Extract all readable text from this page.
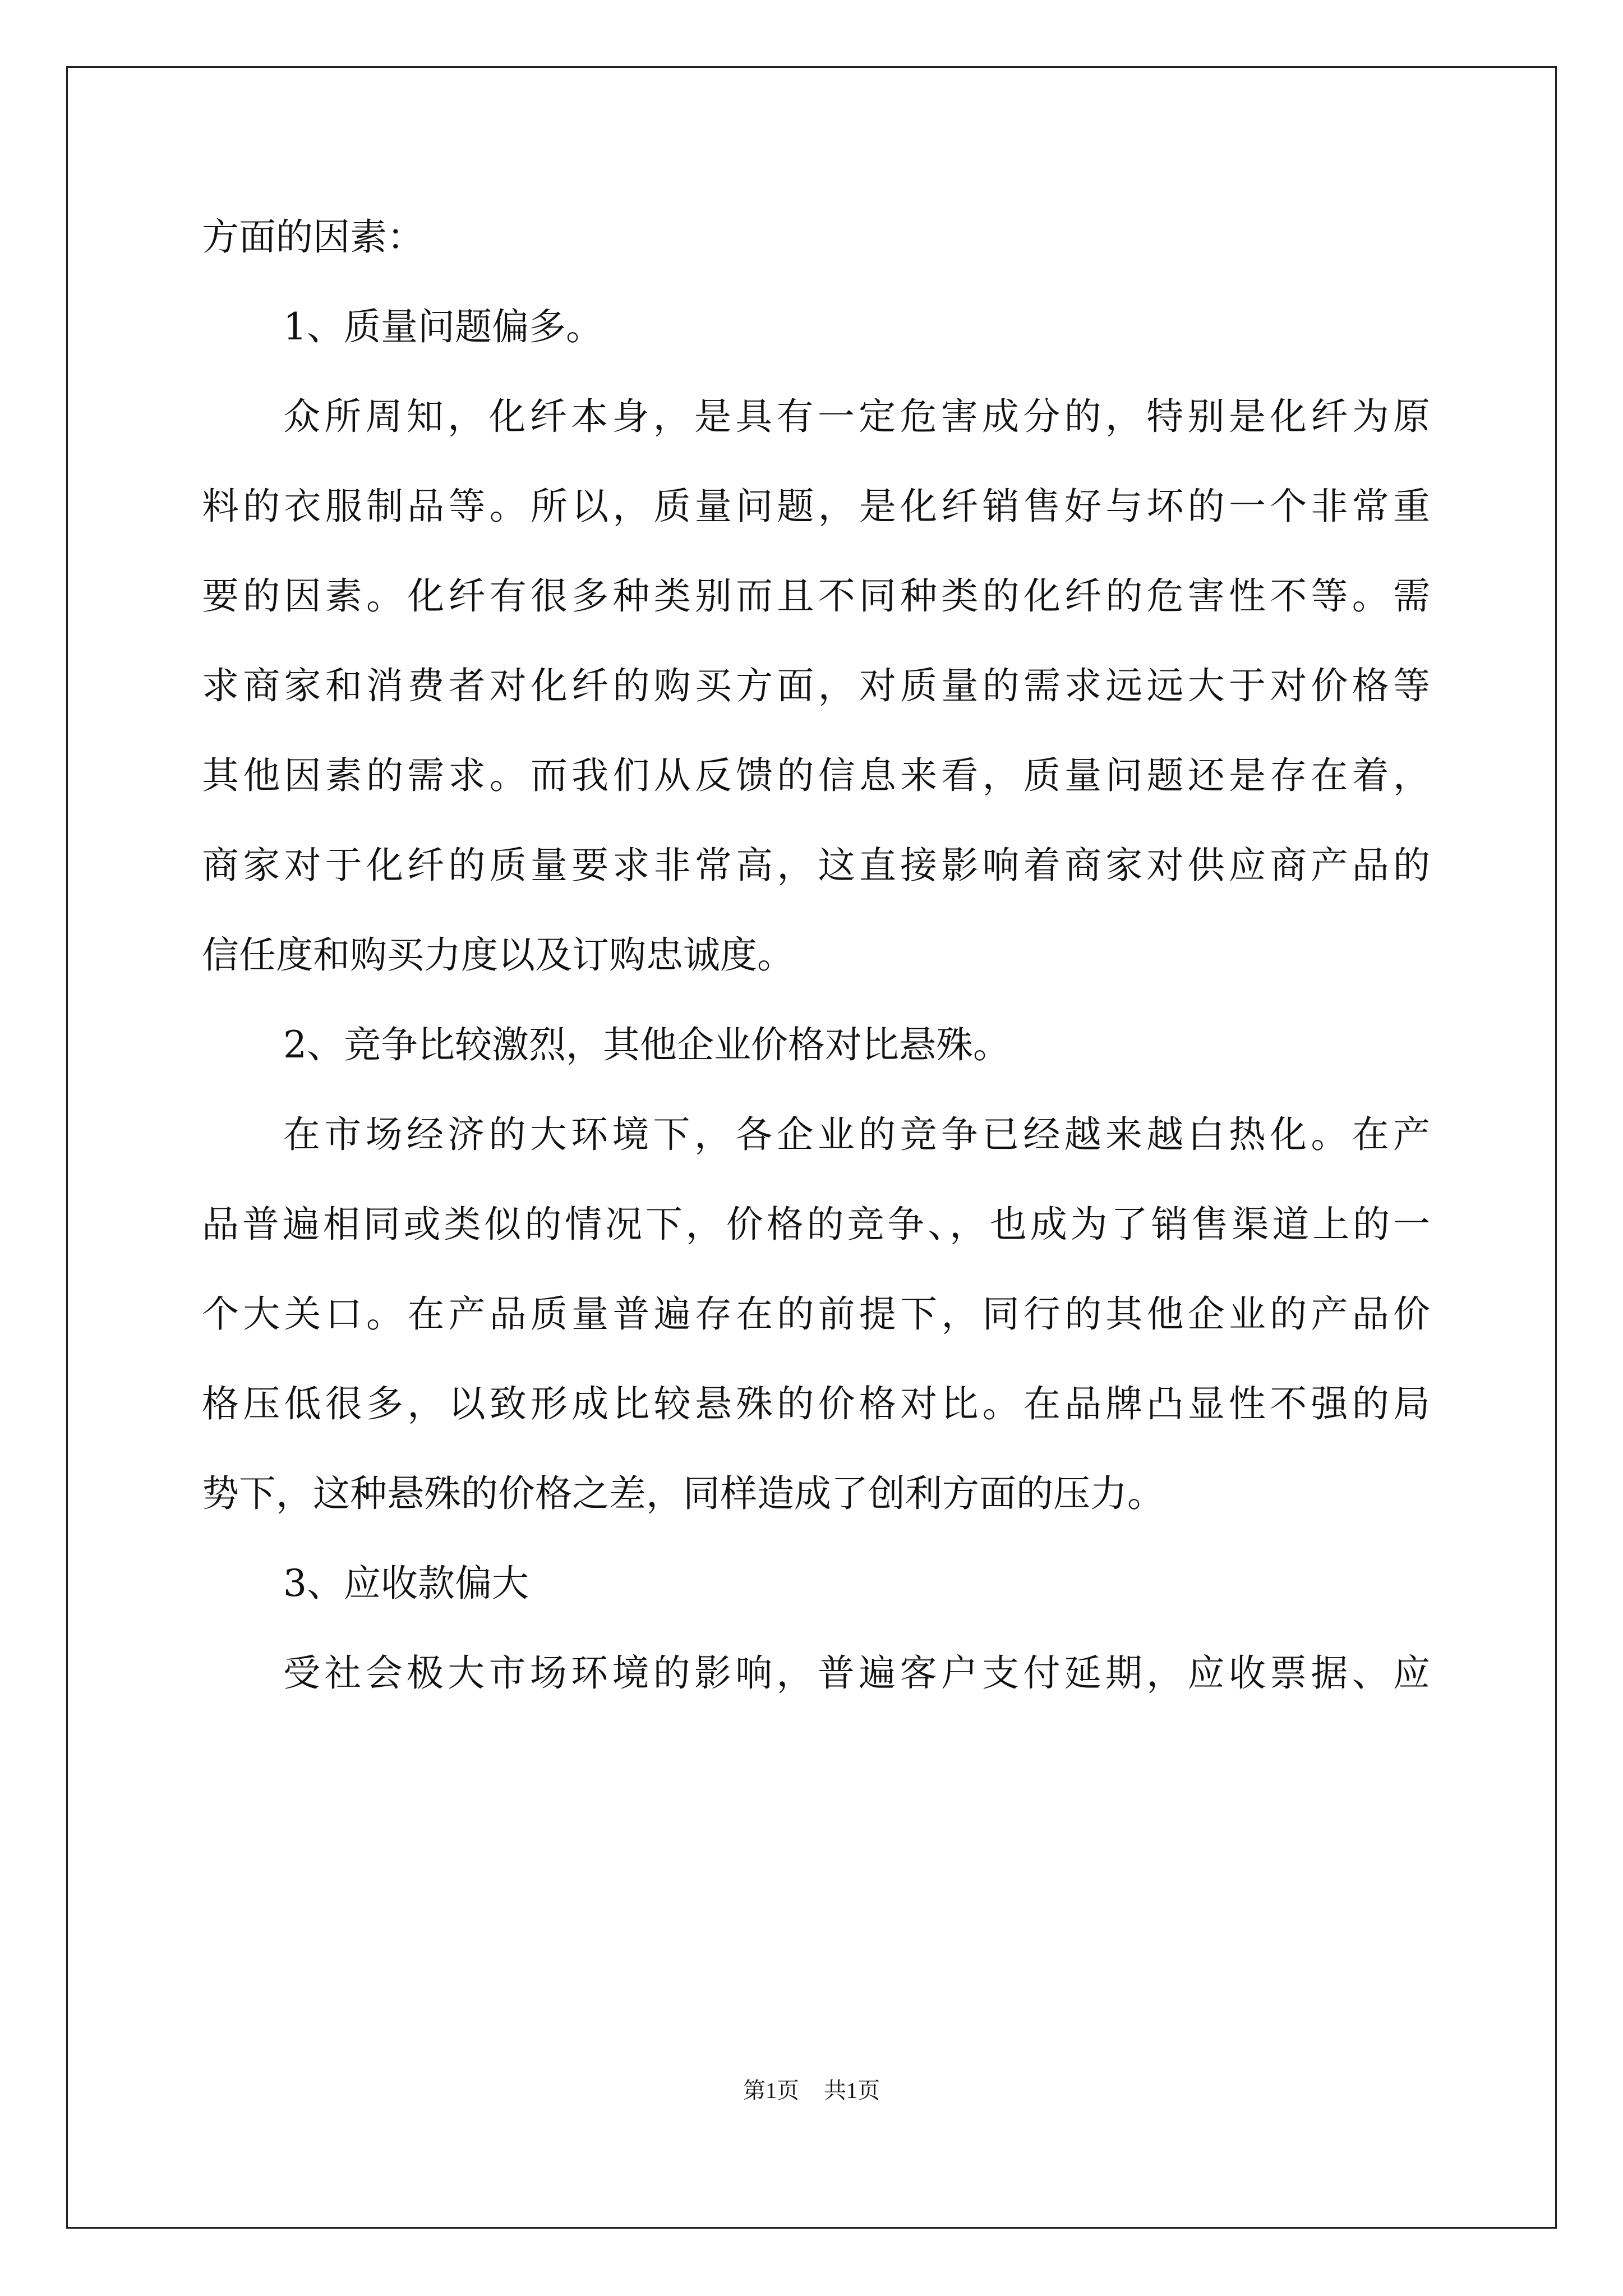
方面的因素：
1、质量问题偏多。
众所周知，化纤本身，是具有一定危害成分的，特别是化纤为原
料的衣服制品等。所以，质量问题，是化纤销售好与坏的一个非常重
要的因素。化纤有很多种类别而且不同种类的化纤的危害性不等。需
求商家和消费者对化纤的购买方面，对质量的需求远远大于对价格等
其他因素的需求。而我们从反馈的信息来看，质量问题还是存在着，
商家对于化纤的质量要求非常高，这直接影响着商家对供应商产品的
信任度和购买力度以及订购忠诚度。
2、竞争比较激烈，其他企业价格对比悬殊。
在市场经济的大环境下，各企业的竞争已经越来越白热化。在产
品普遍相同或类似的情况下，价格的竞争、，也成为了销售渠道上的一
个大关口。在产品质量普遍存在的前提下，同行的其他企业的产品价
格压低很多，以致形成比较悬殊的价格对比。在品牌凸显性不强的局
势下，这种悬殊的价格之差，同样造成了创利方面的压力。
3、应收款偏大
受社会极大市场环境的影响，普遍客户支付延期，应收票据、应
第1页 共1页
